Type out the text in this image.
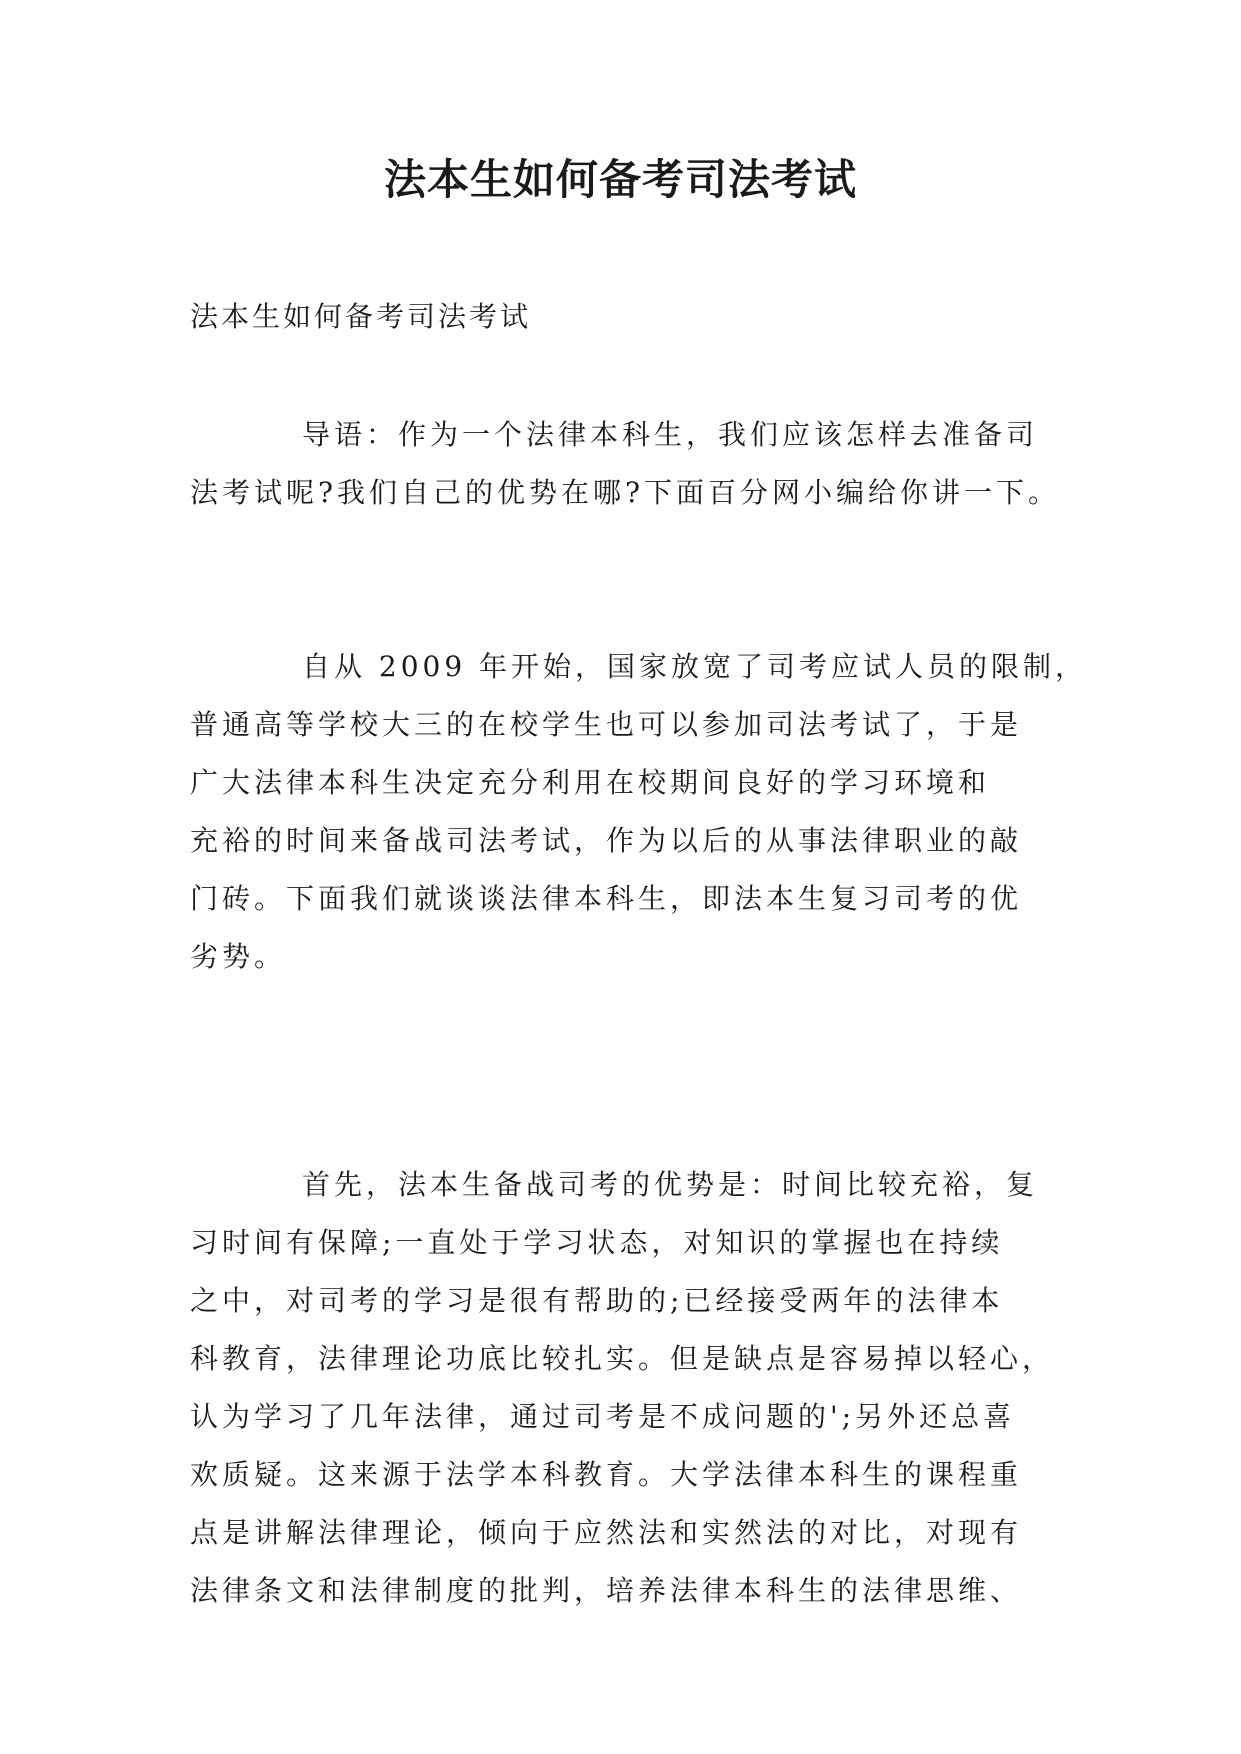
法本生如何备考司法考试
法本生如何备考司法考试
导语：作为一个法律本科生，我们应该怎样去准备司
法考试呢?我们自己的优势在哪?下面百分网小编给你讲一下。
自从 2009 年开始，国家放宽了司考应试人员的限制，
普通高等学校大三的在校学生也可以参加司法考试了，于是
广大法律本科生决定充分利用在校期间良好的学习环境和
充裕的时间来备战司法考试，作为以后的从事法律职业的敲
门砖。下面我们就谈谈法律本科生，即法本生复习司考的优
劣势。
首先，法本生备战司考的优势是：时间比较充裕，复
习时间有保障;一直处于学习状态，对知识的掌握也在持续
之中，对司考的学习是很有帮助的;已经接受两年的法律本
科教育，法律理论功底比较扎实。但是缺点是容易掉以轻心，
认为学习了几年法律，通过司考是不成问题的';另外还总喜
欢质疑。这来源于法学本科教育。大学法律本科生的课程重
点是讲解法律理论，倾向于应然法和实然法的对比，对现有
法律条文和法律制度的批判，培养法律本科生的法律思维、
